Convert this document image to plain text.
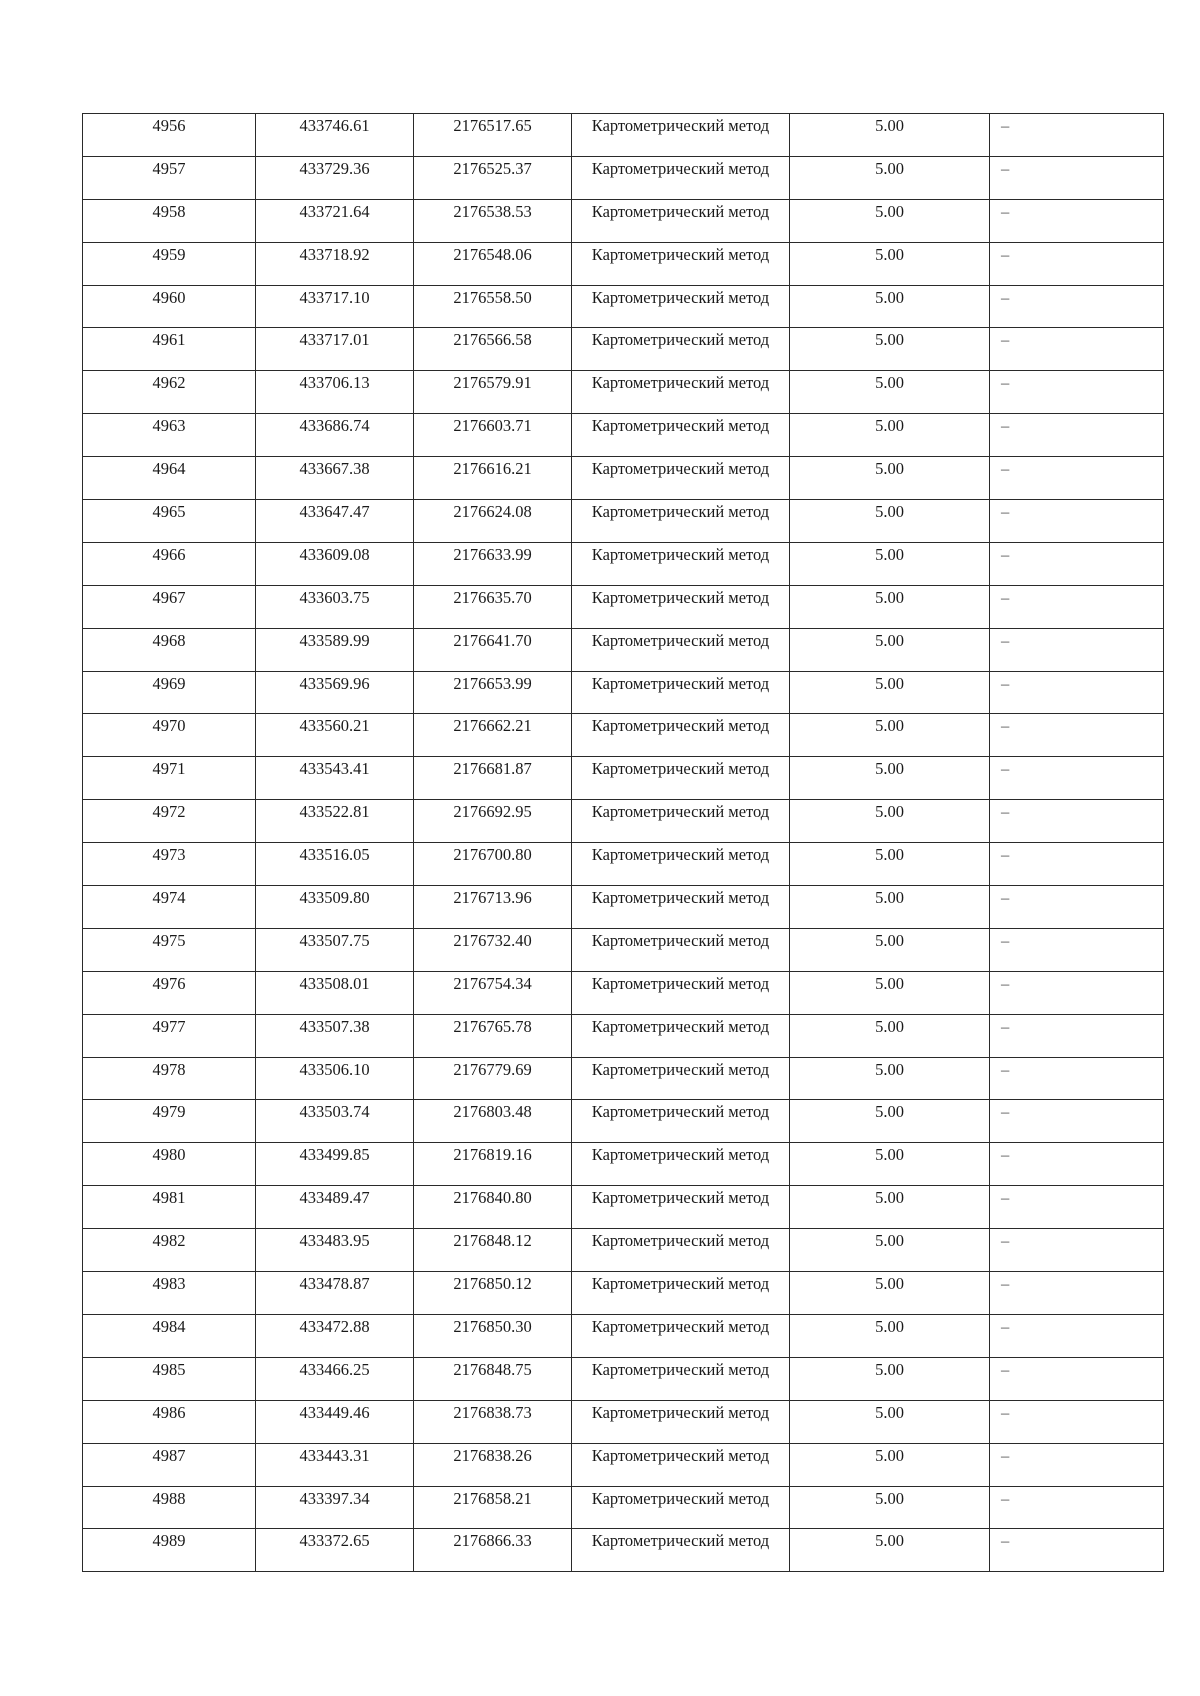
4956	433746.61	2176517.65	Картометрический метод	5.00	–

4957	433729.36	2176525.37	Картометрический метод	5.00	–

4958	433721.64	2176538.53	Картометрический метод	5.00	–

4959	433718.92	2176548.06	Картометрический метод	5.00	–

4960	433717.10	2176558.50	Картометрический метод	5.00	–

4961	433717.01	2176566.58	Картометрический метод	5.00	–

4962	433706.13	2176579.91	Картометрический метод	5.00	–

4963	433686.74	2176603.71	Картометрический метод	5.00	–

4964	433667.38	2176616.21	Картометрический метод	5.00	–

4965	433647.47	2176624.08	Картометрический метод	5.00	–

4966	433609.08	2176633.99	Картометрический метод	5.00	–

4967	433603.75	2176635.70	Картометрический метод	5.00	–

4968	433589.99	2176641.70	Картометрический метод	5.00	–

4969	433569.96	2176653.99	Картометрический метод	5.00	–

4970	433560.21	2176662.21	Картометрический метод	5.00	–

4971	433543.41	2176681.87	Картометрический метод	5.00	–

4972	433522.81	2176692.95	Картометрический метод	5.00	–

4973	433516.05	2176700.80	Картометрический метод	5.00	–

4974	433509.80	2176713.96	Картометрический метод	5.00	–

4975	433507.75	2176732.40	Картометрический метод	5.00	–

4976	433508.01	2176754.34	Картометрический метод	5.00	–

4977	433507.38	2176765.78	Картометрический метод	5.00	–

4978	433506.10	2176779.69	Картометрический метод	5.00	–

4979	433503.74	2176803.48	Картометрический метод	5.00	–

4980	433499.85	2176819.16	Картометрический метод	5.00	–

4981	433489.47	2176840.80	Картометрический метод	5.00	–

4982	433483.95	2176848.12	Картометрический метод	5.00	–

4983	433478.87	2176850.12	Картометрический метод	5.00	–

4984	433472.88	2176850.30	Картометрический метод	5.00	–

4985	433466.25	2176848.75	Картометрический метод	5.00	–

4986	433449.46	2176838.73	Картометрический метод	5.00	–

4987	433443.31	2176838.26	Картометрический метод	5.00	–

4988	433397.34	2176858.21	Картометрический метод	5.00	–

4989	433372.65	2176866.33	Картометрический метод	5.00	–
